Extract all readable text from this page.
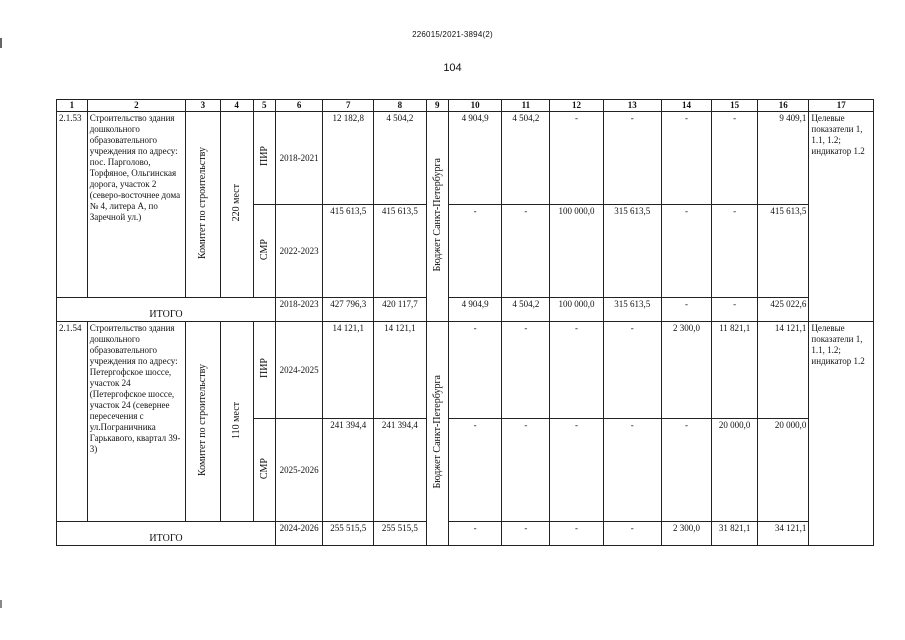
226015/2021-3894(2)
104
1	2	3	4	5	6	7	8	9	10	11	12	13	14	15	16	17
2.1.53	Строительство здания дошкольного образовательного учреждения по адресу: пос. Парголово, Торфяное, Ольгинская дорога, участок 2 (северо-восточнее дома № 4, литера А, по Заречной ул.)	Комитет по строительству	220 мест	ПИР	2018-2021	12 182,8	4 504,2	Бюджет Санкт-Петербурга	4 904,9	4 504,2	-	-	-	-	9 409,1	Целевые показатели 1, 1.1, 1.2; индикатор 1.2
				СМР	2022-2023	415 613,5	415 613,5		-	-	100 000,0	315 613,5	-	-	415 613,5	
ИТОГО					2018-2023	427 796,3	420 117,7		4 904,9	4 504,2	100 000,0	315 613,5	-	-	425 022,6	
2.1.54	Строительство здания дошкольного образовательного учреждения по адресу: Петергофское шоссе, участок 24 (Петергофское шоссе, участок 24 (севернее пересечения с ул.Пограничника Гарькавого, квартал 39-3)	Комитет по строительству	110 мест	ПИР	2024-2025	14 121,1	14 121,1	Бюджет Санкт-Петербурга	-	-	-	-	2 300,0	11 821,1	14 121,1	Целевые показатели 1, 1.1, 1.2; индикатор 1.2
				СМР	2025-2026	241 394,4	241 394,4		-	-	-	-	-	20 000,0	20 000,0	
ИТОГО					2024-2026	255 515,5	255 515,5		-	-	-	-	2 300,0	31 821,1	34 121,1	
